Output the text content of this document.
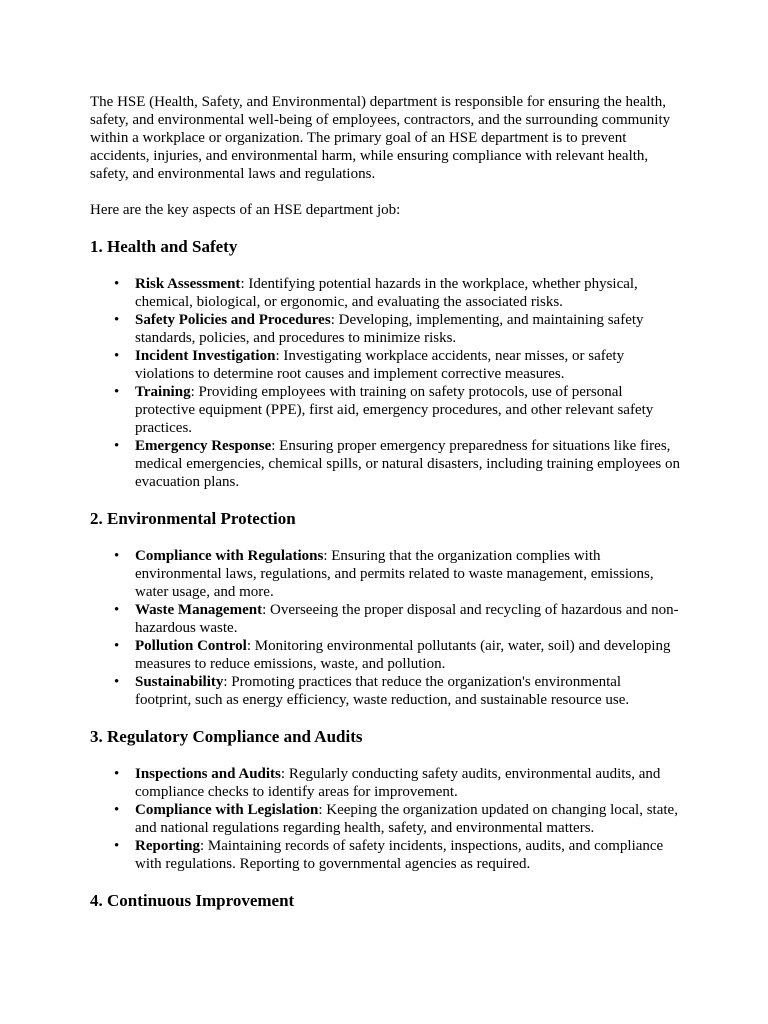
The HSE (Health, Safety, and Environmental) department is responsible for ensuring the health, safety, and environmental well-being of employees, contractors, and the surrounding community within a workplace or organization. The primary goal of an HSE department is to prevent accidents, injuries, and environmental harm, while ensuring compliance with relevant health, safety, and environmental laws and regulations.

Here are the key aspects of an HSE department job:

1. Health and Safety
• Risk Assessment: Identifying potential hazards in the workplace, whether physical, chemical, biological, or ergonomic, and evaluating the associated risks.
• Safety Policies and Procedures: Developing, implementing, and maintaining safety standards, policies, and procedures to minimize risks.
• Incident Investigation: Investigating workplace accidents, near misses, or safety violations to determine root causes and implement corrective measures.
• Training: Providing employees with training on safety protocols, use of personal protective equipment (PPE), first aid, emergency procedures, and other relevant safety practices.
• Emergency Response: Ensuring proper emergency preparedness for situations like fires, medical emergencies, chemical spills, or natural disasters, including training employees on evacuation plans.
2. Environmental Protection
• Compliance with Regulations: Ensuring that the organization complies with environmental laws, regulations, and permits related to waste management, emissions, water usage, and more.
• Waste Management: Overseeing the proper disposal and recycling of hazardous and non-hazardous waste.
• Pollution Control: Monitoring environmental pollutants (air, water, soil) and developing measures to reduce emissions, waste, and pollution.
• Sustainability: Promoting practices that reduce the organization's environmental footprint, such as energy efficiency, waste reduction, and sustainable resource use.
3. Regulatory Compliance and Audits
• Inspections and Audits: Regularly conducting safety audits, environmental audits, and compliance checks to identify areas for improvement.
• Compliance with Legislation: Keeping the organization updated on changing local, state, and national regulations regarding health, safety, and environmental matters.
• Reporting: Maintaining records of safety incidents, inspections, audits, and compliance with regulations. Reporting to governmental agencies as required.
4. Continuous Improvement
